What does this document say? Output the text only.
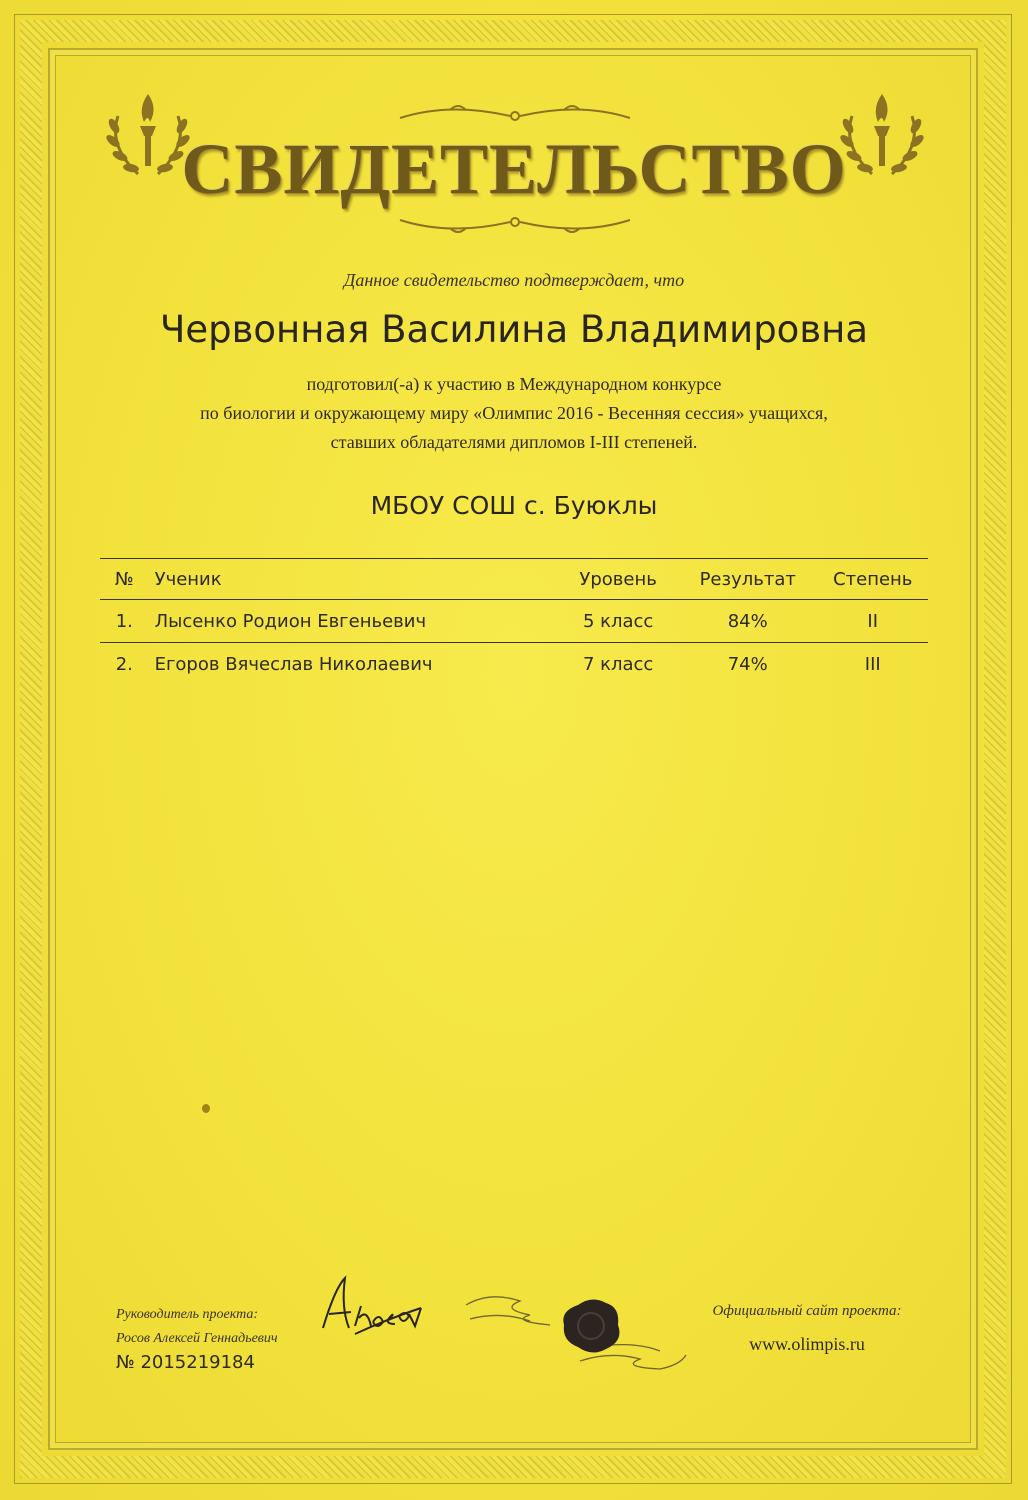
СВИДЕТЕЛЬСТВО
Данное свидетельство подтверждает, что
Червонная Василина Владимировна
подготовил(-а) к участию в Международном конкурсе
по биологии и окружающему миру «Олимпис 2016 - Весенняя сессия» учащихся,
ставших обладателями дипломов I-III степеней.
МБОУ СОШ с. Буюклы
№	Ученик	Уровень	Результат	Степень
1.	Лысенко Родион Евгеньевич	5 класс	84%	II
2.	Егоров Вячеслав Николаевич	7 класс	74%	III
Руководитель проекта:
Росов Алексей Геннадьевич
№ 2015219184
Официальный сайт проекта:
www.olimpis.ru
